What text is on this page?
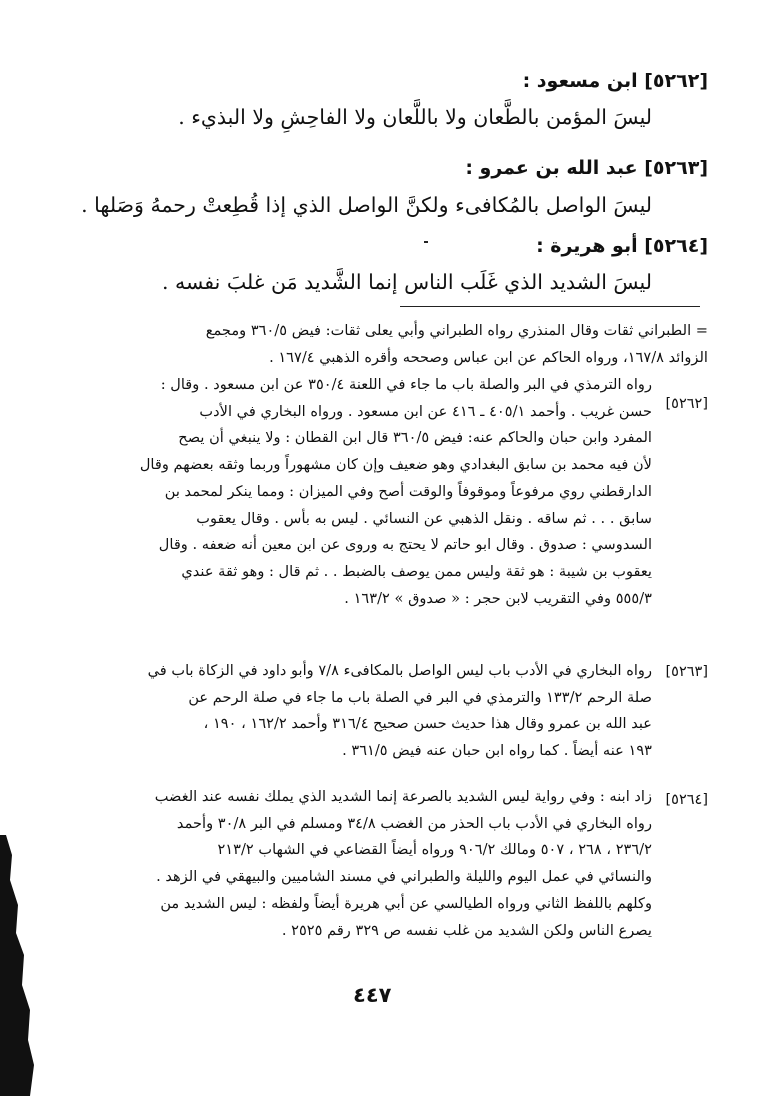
[٥٢٦٢] ابن مسعود :
ليسَ المؤمن بالطَّعان ولا باللَّعان ولا الفاحِشِ ولا البذيء .
[٥٢٦٣] عبد الله بن عمرو :
ليسَ الواصل بالمُكافىء ولكنَّ الواصل الذي إذا قُطِعتْ رحمهُ وَصَلها .
[٥٢٦٤] أبو هريرة :
ليسَ الشديد الذي غَلَب الناس إنما الشَّديد مَن غلبَ نفسه .
= الطبراني ثقات وقال المنذري رواه الطبراني وأبي يعلى ثقات: فيض ٣٦٠/٥ ومجمع
الزوائد ١٦٧/٨، ورواه الحاكم عن ابن عباس وصححه وأقره الذهبي ١٦٧/٤ .
[٥٢٦٢]
رواه الترمذي في البر والصلة باب ما جاء في اللعنة ٣٥٠/٤ عن ابن مسعود . وقال :
حسن غريب . وأحمد ٤٠٥/١ ـ ٤١٦ عن ابن مسعود . ورواه البخاري في الأدب
المفرد وابن حبان والحاكم عنه: فيض ٣٦٠/٥ قال ابن القطان : ولا ينبغي أن يصح
لأن فيه محمد بن سابق البغدادي وهو ضعيف وإن كان مشهوراً وربما وثقه بعضهم وقال
الدارقطني روي مرفوعاً وموقوفاً والوقت أصح وفي الميزان : ومما ينكر لمحمد بن
سابق . . . ثم ساقه . ونقل الذهبي عن النسائي . ليس به بأس . وقال يعقوب
السدوسي : صدوق . وقال ابو حاتم لا يحتج به وروى عن ابن معين أنه ضعفه . وقال
يعقوب بن شيبة : هو ثقة وليس ممن يوصف بالضبط . . ثم قال : وهو ثقة عندي
٥٥٥/٣ وفي التقريب لابن حجر : « صدوق » ١٦٣/٢ .
[٥٢٦٣]
رواه البخاري في الأدب باب ليس الواصل بالمكافىء ٧/٨ وأبو داود في الزكاة باب في
صلة الرحم ١٣٣/٢ والترمذي في البر في الصلة باب ما جاء في صلة الرحم عن
عبد الله بن عمرو وقال هذا حديث حسن صحيح ٣١٦/٤ وأحمد ١٦٢/٢ ، ١٩٠ ،
١٩٣ عنه أيضاً . كما رواه ابن حبان عنه فيض ٣٦١/٥ .
[٥٢٦٤]
زاد ابنه : وفي رواية ليس الشديد بالصرعة إنما الشديد الذي يملك نفسه عند الغضب
رواه البخاري في الأدب باب الحذر من الغضب ٣٤/٨ ومسلم في البر ٣٠/٨ وأحمد
٢٣٦/٢ ، ٢٦٨ ، ٥٠٧ ومالك ٩٠٦/٢ ورواه أيضاً القضاعي في الشهاب ٢١٣/٢
والنسائي في عمل اليوم والليلة والطبراني في مسند الشاميين والبيهقي في الزهد .
وكلهم باللفظ الثاني ورواه الطيالسي عن أبي هريرة أيضاً ولفظه : ليس الشديد من
يصرع الناس ولكن الشديد من غلب نفسه ص ٣٢٩ رقم ٢٥٢٥ .
٤٤٧
